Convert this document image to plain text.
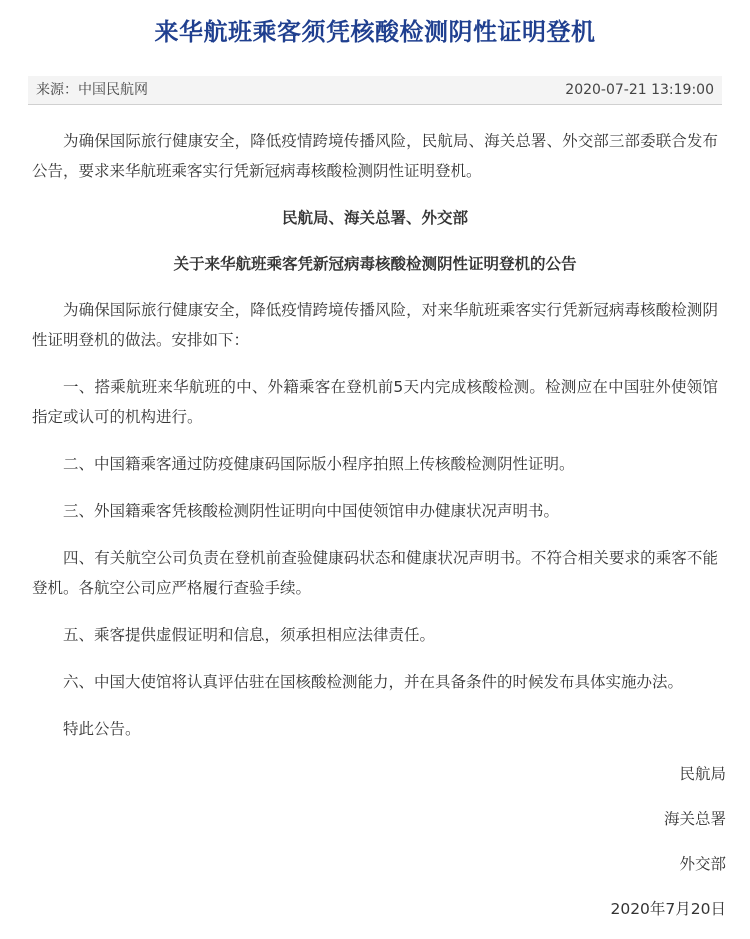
来华航班乘客须凭核酸检测阴性证明登机
来源：中国民航网	2020-07-21 13:19:00

为确保国际旅行健康安全，降低疫情跨境传播风险，民航局、海关总署、外交部三部委联合发布公告，要求来华航班乘客实行凭新冠病毒核酸检测阴性证明登机。

民航局、海关总署、外交部

关于来华航班乘客凭新冠病毒核酸检测阴性证明登机的公告

为确保国际旅行健康安全，降低疫情跨境传播风险，对来华航班乘客实行凭新冠病毒核酸检测阴性证明登机的做法。安排如下：

一、搭乘航班来华航班的中、外籍乘客在登机前5天内完成核酸检测。检测应在中国驻外使领馆指定或认可的机构进行。

二、中国籍乘客通过防疫健康码国际版小程序拍照上传核酸检测阴性证明。

三、外国籍乘客凭核酸检测阴性证明向中国使领馆申办健康状况声明书。

四、有关航空公司负责在登机前查验健康码状态和健康状况声明书。不符合相关要求的乘客不能登机。各航空公司应严格履行查验手续。

五、乘客提供虚假证明和信息，须承担相应法律责任。

六、中国大使馆将认真评估驻在国核酸检测能力，并在具备条件的时候发布具体实施办法。

特此公告。

民航局
海关总署
外交部
2020年7月20日
